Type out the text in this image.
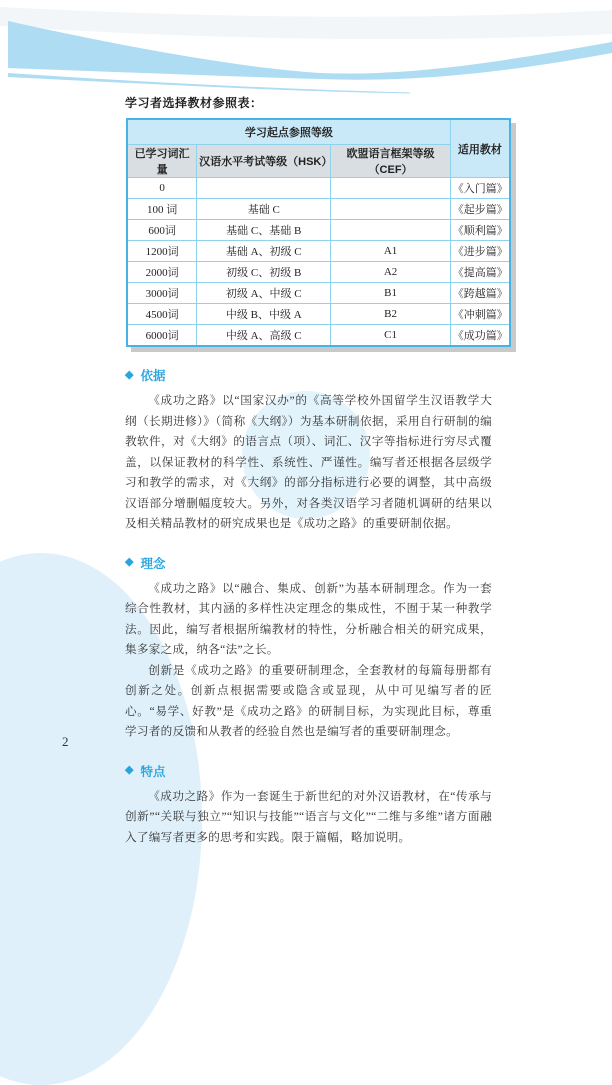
学习者选择教材参照表：

学习起点参照等级			适用教材
已学习词汇量	汉语水平考试等级（HSK）	欧盟语言框架等级（CEF）	
0			《入门篇》
100 词	基础 C		《起步篇》
600词	基础 C、基础 B		《顺利篇》
1200词	基础 A、初级 C	A1	《进步篇》
2000词	初级 C、初级 B	A2	《提高篇》
3000词	初级 A、中级 C	B1	《跨越篇》
4500词	中级 B、中级 A	B2	《冲刺篇》
6000词	中级 A、高级 C	C1	《成功篇》
◆ 依据

《成功之路》以“国家汉办”的《高等学校外国留学生汉语教学大纲（长期进修）》（简称《大纲》）为基本研制依据，采用自行研制的编教软件，对《大纲》的语言点（项）、词汇、汉字等指标进行穷尽式覆盖，以保证教材的科学性、系统性、严谨性。编写者还根据各层级学习和教学的需求，对《大纲》的部分指标进行必要的调整，其中高级汉语部分增删幅度较大。另外，对各类汉语学习者随机调研的结果以及相关精品教材的研究成果也是《成功之路》的重要研制依据。

◆ 理念

《成功之路》以“融合、集成、创新”为基本研制理念。作为一套综合性教材，其内涵的多样性决定理念的集成性，不囿于某一种教学法。因此，编写者根据所编教材的特性，分析融合相关的研究成果，集多家之成，纳各“法”之长。

创新是《成功之路》的重要研制理念，全套教材的每篇每册都有创新之处。创新点根据需要或隐含或显现，从中可见编写者的匠心。“易学、好教”是《成功之路》的研制目标，为实现此目标，尊重学习者的反馈和从教者的经验自然也是编写者的重要研制理念。

◆ 特点

《成功之路》作为一套诞生于新世纪的对外汉语教材，在“传承与创新”“关联与独立”“知识与技能”“语言与文化”“二维与多维”诸方面融入了编写者更多的思考和实践。限于篇幅，略加说明。

2
